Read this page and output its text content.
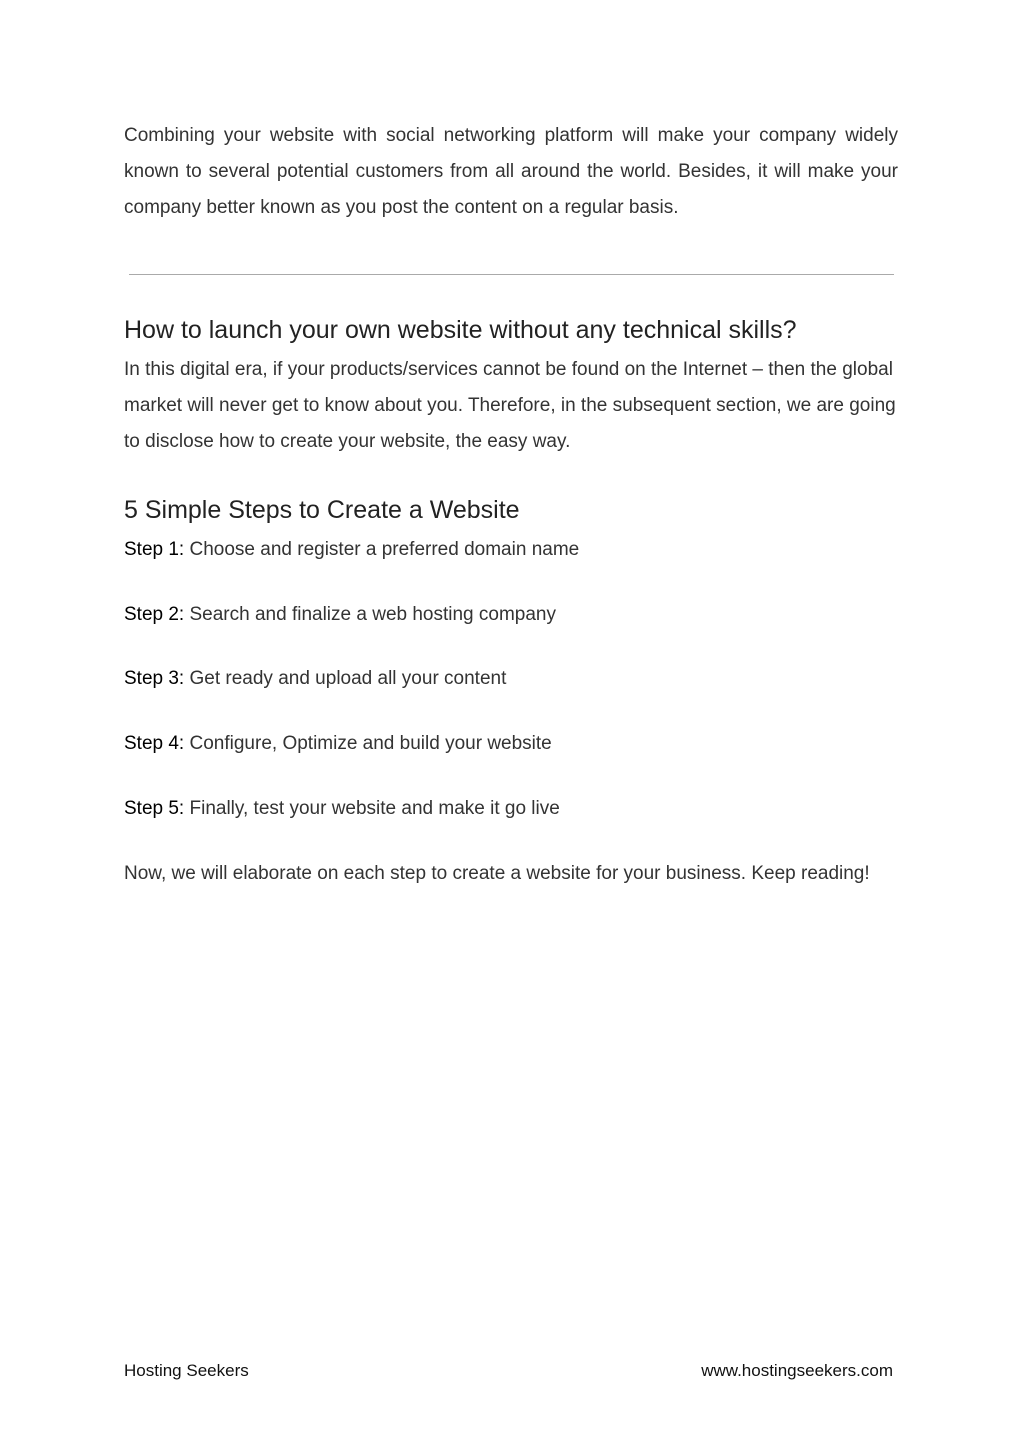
Combining your website with social networking platform will make your company widely known to several potential customers from all around the world. Besides, it will make your company better known as you post the content on a regular basis.

How to launch your own website without any technical skills?

In this digital era, if your products/services cannot be found on the Internet – then the global market will never get to know about you. Therefore, in the subsequent section, we are going to disclose how to create your website, the easy way.

5 Simple Steps to Create a Website

Step 1: Choose and register a preferred domain name

Step 2: Search and finalize a web hosting company

Step 3: Get ready and upload all your content

Step 4: Configure, Optimize and build your website

Step 5: Finally, test your website and make it go live

Now, we will elaborate on each step to create a website for your business. Keep reading!

Hosting Seekers	www.hostingseekers.com
